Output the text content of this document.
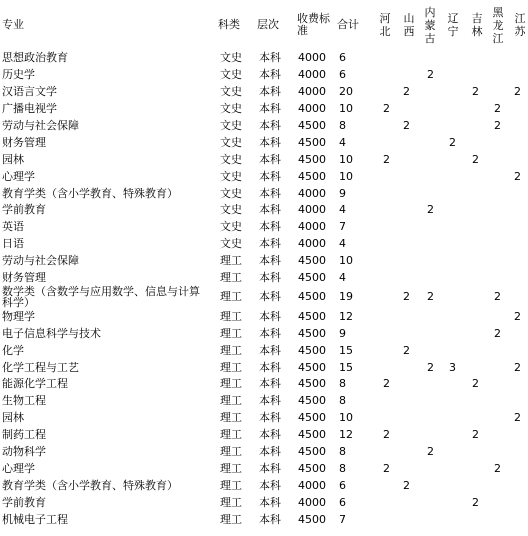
专业	科类	层次	收费标准	合计	河北	山西	内蒙古	辽宁	吉林	黑龙江	江苏
思想政治教育	文史	本科	4000	6							
历史学	文史	本科	4000	6			2				
汉语言文学	文史	本科	4000	20		2			2		2
广播电视学	文史	本科	4000	10	2					2	
劳动与社会保障	文史	本科	4500	8		2				2	
财务管理	文史	本科	4500	4				2			
园林	文史	本科	4500	10	2				2		
心理学	文史	本科	4500	10							2
教育学类（含小学教育、特殊教育）	文史	本科	4000	9							
学前教育	文史	本科	4000	4			2				
英语	文史	本科	4000	7							
日语	文史	本科	4000	4							
劳动与社会保障	理工	本科	4500	10							
财务管理	理工	本科	4500	4							

数学类（含数学与应用数学、信息与计算
科学）	理工	本科	4500	19		2	2			2	
物理学	理工	本科	4500	12							2
电子信息科学与技术	理工	本科	4500	9						2	
化学	理工	本科	4500	15		2					
化学工程与工艺	理工	本科	4500	15			2	3			2
能源化学工程	理工	本科	4500	8	2				2		
生物工程	理工	本科	4500	8							
园林	理工	本科	4500	10							2
制药工程	理工	本科	4500	12	2				2		
动物科学	理工	本科	4500	8			2				
心理学	理工	本科	4500	8	2					2	
教育学类（含小学教育、特殊教育）	理工	本科	4000	6		2					
学前教育	理工	本科	4000	6					2		
机械电子工程	理工	本科	4500	7							
